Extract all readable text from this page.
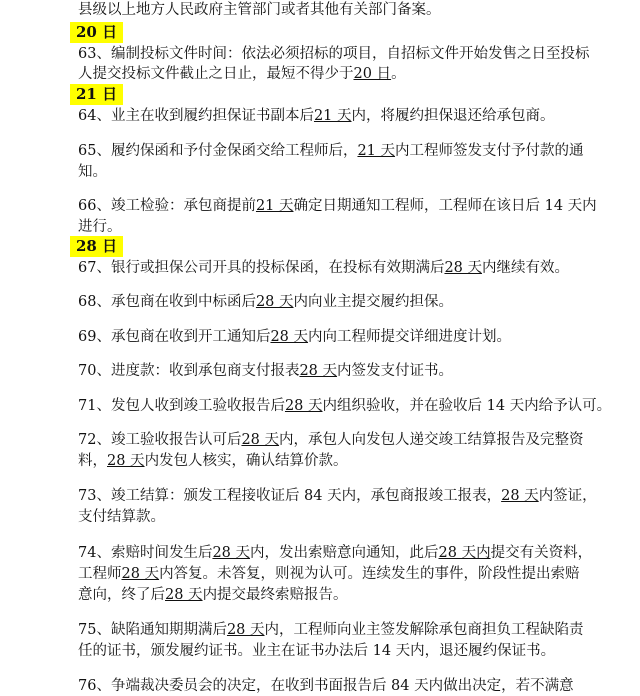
县级以上地方人民政府主管部门或者其他有关部门备案。
20 日
63、编制投标文件时间：依法必须招标的项目，自招标文件开始发售之日至投标
人提交投标文件截止之日止，最短不得少于20 日。
21 日
64、业主在收到履约担保证书副本后21 天内，将履约担保退还给承包商。
65、履约保函和予付金保函交给工程师后，21 天内工程师签发支付予付款的通
知。
66、竣工检验：承包商提前21 天确定日期通知工程师，工程师在该日后 14 天内
进行。
28 日
67、银行或担保公司开具的投标保函，在投标有效期满后28 天内继续有效。
68、承包商在收到中标函后28 天内向业主提交履约担保。
69、承包商在收到开工通知后28 天内向工程师提交详细进度计划。
70、进度款：收到承包商支付报表28 天内签发支付证书。
71、发包人收到竣工验收报告后28 天内组织验收，并在验收后 14 天内给予认可。
72、竣工验收报告认可后28 天内，承包人向发包人递交竣工结算报告及完整资
料，28 天内发包人核实，确认结算价款。
73、竣工结算：颁发工程接收证后 84 天内，承包商报竣工报表，28 天内签证，
支付结算款。
74、索赔时间发生后28 天内，发出索赔意向通知，此后28 天内提交有关资料，
工程师28 天内答复。未答复，则视为认可。连续发生的事件，阶段性提出索赔
意向，终了后28 天内提交最终索赔报告。
75、缺陷通知期期满后28 天内，工程师向业主签发解除承包商担负工程缺陷责
任的证书，颁发履约证书。业主在证书办法后 14 天内，退还履约保证书。
76、争端裁决委员会的决定，在收到书面报告后 84 天内做出决定，若不满意
